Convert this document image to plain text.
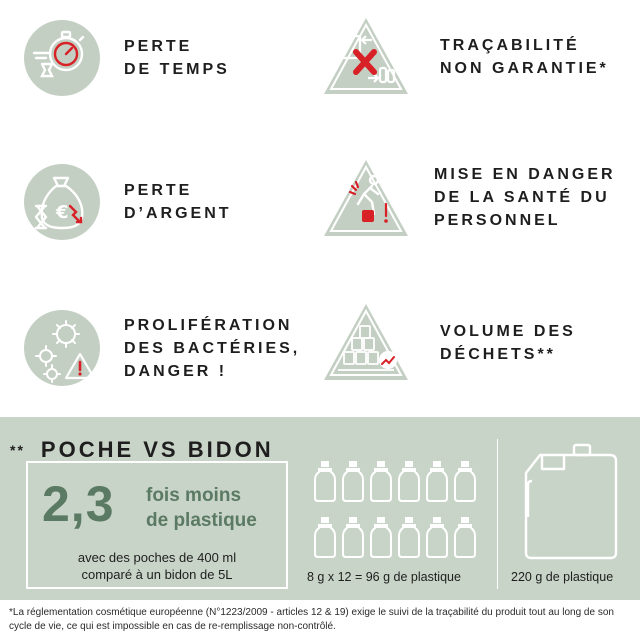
PERTE
DE TEMPS
TRAÇABILITÉ
NON GARANTIE*
€
PERTE
D’ARGENT
MISE EN DANGER
DE LA SANTÉ DU
PERSONNEL
PROLIFÉRATION
DES BACTÉRIES,
DANGER !
VOLUME DES
DÉCHETS**
** POCHE VS BIDON
2,3 fois moins
de plastique
avec des poches de 400 ml
comparé à un bidon de 5L	8 g x 12 = 96 g de plastique	220 g de plastique
*La réglementation cosmétique européenne (N°1223/2009 - articles 12 & 19) exige le suivi de la traçabilité du produit tout au long de son cycle de vie, ce qui est impossible en cas de re-remplissage non-contrôlé.
